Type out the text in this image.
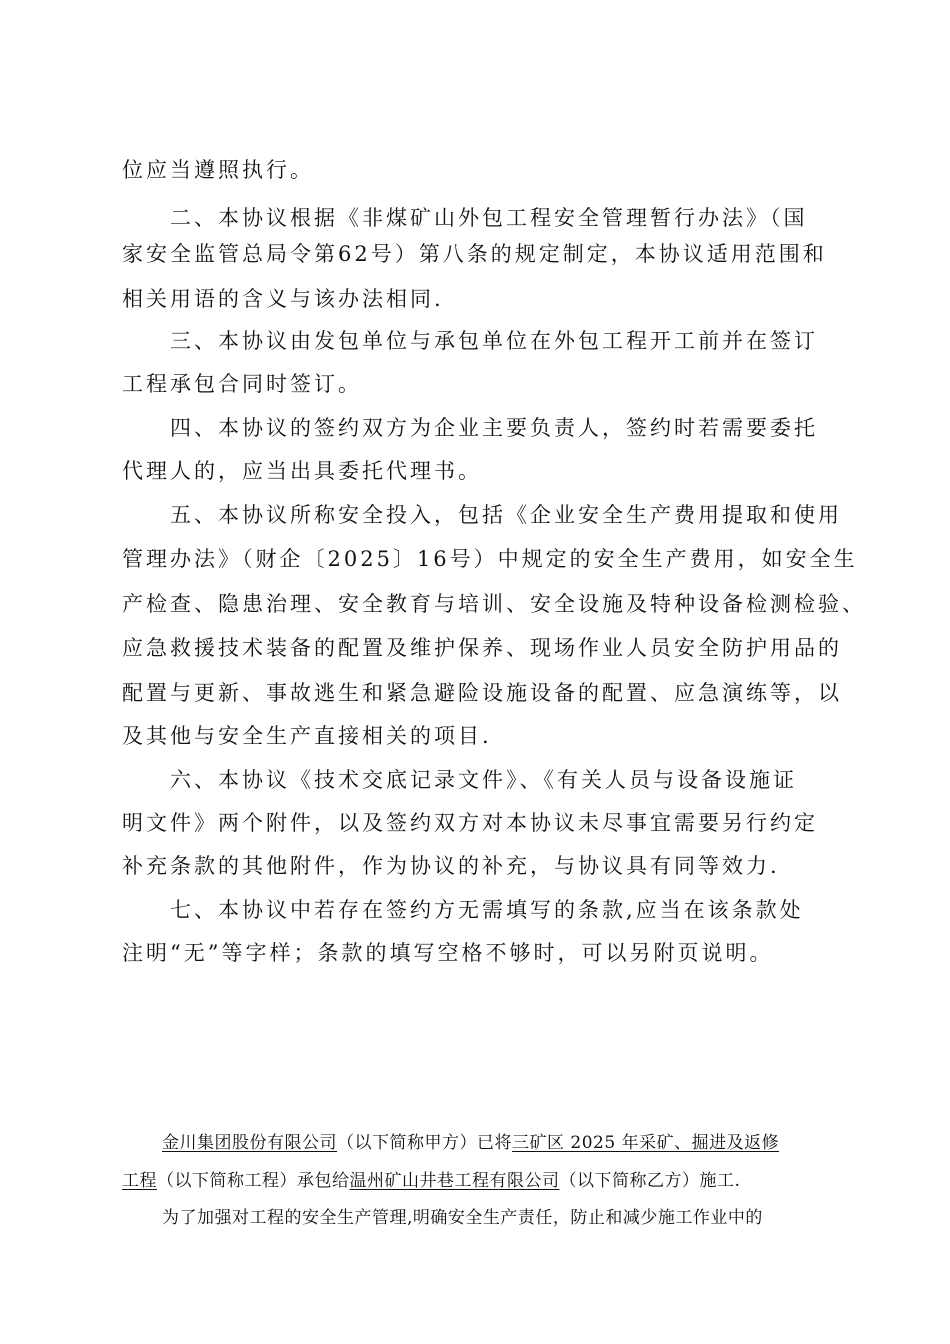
位应当遵照执行。
二、本协议根据《非煤矿山外包工程安全管理暂行办法》（国
家安全监管总局令第62号）第八条的规定制定，本协议适用范围和
相关用语的含义与该办法相同.
三、本协议由发包单位与承包单位在外包工程开工前并在签订
工程承包合同时签订。
四、本协议的签约双方为企业主要负责人，签约时若需要委托
代理人的，应当出具委托代理书。
五、本协议所称安全投入，包括《企业安全生产费用提取和使用
管理办法》（财企〔2025〕16号）中规定的安全生产费用，如安全生
产检查、隐患治理、安全教育与培训、安全设施及特种设备检测检验、
应急救援技术装备的配置及维护保养、现场作业人员安全防护用品的
配置与更新、事故逃生和紧急避险设施设备的配置、应急演练等，以
及其他与安全生产直接相关的项目.
六、本协议《技术交底记录文件》、《有关人员与设备设施证
明文件》两个附件，以及签约双方对本协议未尽事宜需要另行约定
补充条款的其他附件，作为协议的补充，与协议具有同等效力.
七、本协议中若存在签约方无需填写的条款,应当在该条款处
注明“无”等字样；条款的填写空格不够时，可以另附页说明。
金川集团股份有限公司（以下简称甲方）已将三矿区 2025 年采矿、掘进及返修
工程（以下简称工程）承包给温州矿山井巷工程有限公司（以下简称乙方）施工.
为了加强对工程的安全生产管理,明确安全生产责任，防止和减少施工作业中的
